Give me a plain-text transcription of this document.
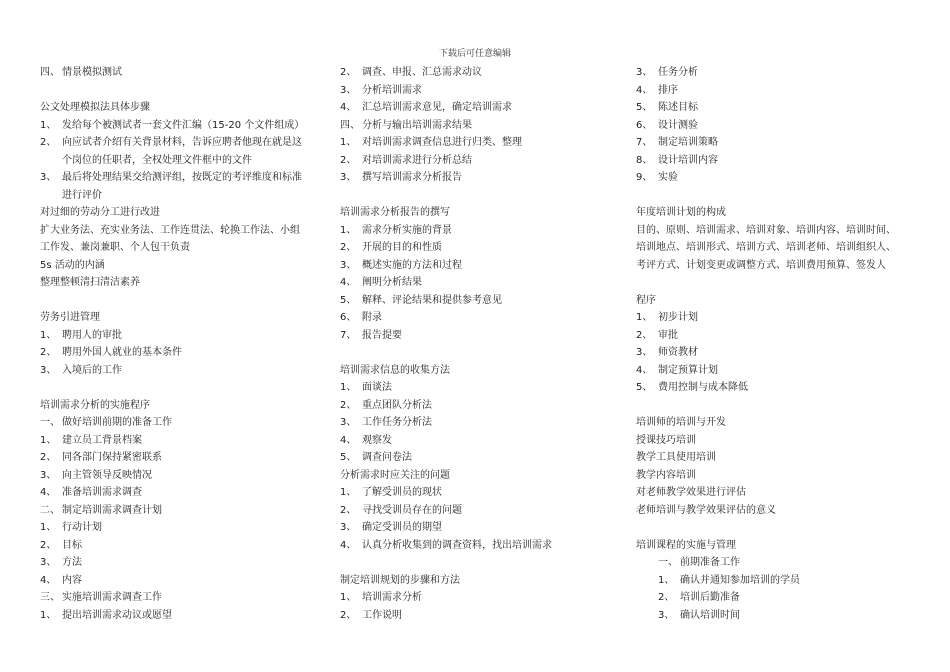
下载后可任意编辑
四、 情景模拟测试
公文处理模拟法具体步骤
1、 发给每个被测试者一套文件汇编（15-20 个文件组成）
2、 向应试者介绍有关背景材料，告诉应聘者他现在就是这
个岗位的任职者，全权处理文件框中的文件
3、 最后将处理结果交给测评组，按既定的考评维度和标准
进行评价
对过细的劳动分工进行改进
扩大业务法、充实业务法、工作连贯法、轮换工作法、小组
工作发、兼岗兼职、个人包干负责
5s 活动的内涵
整理整顿清扫清洁素养
劳务引进管理
1、 聘用人的审批
2、 聘用外国人就业的基本条件
3、 入境后的工作
培训需求分析的实施程序
一、 做好培训前期的准备工作
1、 建立员工背景档案
2、 同各部门保持紧密联系
3、 向主管领导反映情况
4、 准备培训需求调查
二、 制定培训需求调查计划
1、 行动计划
2、 目标
3、 方法
4、 内容
三、 实施培训需求调查工作
1、 提出培训需求动议或愿望
2、 调查、申报、汇总需求动议
3、 分析培训需求
4、 汇总培训需求意见，确定培训需求
四、 分析与输出培训需求结果
1、 对培训需求调查信息进行归类、整理
2、 对培训需求进行分析总结
3、 撰写培训需求分析报告
培训需求分析报告的撰写
1、 需求分析实施的背景
2、 开展的目的和性质
3、 概述实施的方法和过程
4、 阐明分析结果
5、 解释、评论结果和提供参考意见
6、 附录
7、 报告提要
培训需求信息的收集方法
1、 面谈法
2、 重点团队分析法
3、 工作任务分析法
4、 观察发
5、 调查问卷法
分析需求时应关注的问题
1、 了解受训员的现状
2、 寻找受训员存在的问题
3、 确定受训员的期望
4、 认真分析收集到的调查资料，找出培训需求
制定培训规划的步骤和方法
1、 培训需求分析
2、 工作说明
3、 任务分析
4、 排序
5、 陈述目标
6、 设计测验
7、 制定培训策略
8、 设计培训内容
9、 实验
年度培训计划的构成
目的、原则、培训需求、培训对象、培训内容、培训时间、
培训地点、培训形式、培训方式、培训老师、培训组织人、
考评方式、计划变更或调整方式、培训费用预算、签发人
程序
1、 初步计划
2、 审批
3、 师资教材
4、 制定预算计划
5、 费用控制与成本降低
培训师的培训与开发
授课技巧培训
教学工具使用培训
教学内容培训
对老师教学效果进行评估
老师培训与教学效果评估的意义
培训课程的实施与管理
一、 前期准备工作
1、 确认并通知参加培训的学员
2、 培训后勤准备
3、 确认培训时间
